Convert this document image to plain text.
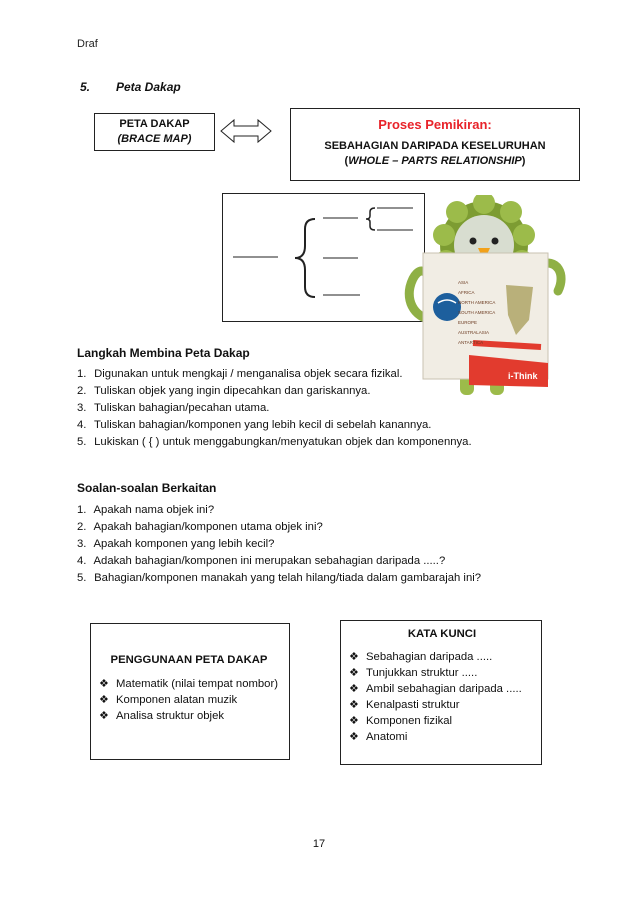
Draf
5. Peta Dakap
PETA DAKAP
(BRACE MAP)
Proses Pemikiran:
SEBAHAGIAN DARIPADA KESELURUHAN
(WHOLE – PARTS RELATIONSHIP)
i-Think
ASIA
AFRICA
NORTH AMERICA
SOUTH AMERICA
EUROPE
AUSTRALASIA
ANTARTICA
Langkah Membina Peta Dakap
1. Digunakan untuk mengkaji / menganalisa objek secara fizikal.
2. Tuliskan objek yang ingin dipecahkan dan gariskannya.
3. Tuliskan bahagian/pecahan utama.
4. Tuliskan bahagian/komponen yang lebih kecil di sebelah kanannya.
5. Lukiskan ( { ) untuk menggabungkan/menyatukan objek dan komponennya.
Soalan-soalan Berkaitan
1. Apakah nama objek ini?
2. Apakah bahagian/komponen utama objek ini?
3. Apakah komponen yang lebih kecil?
4. Adakah bahagian/komponen ini merupakan sebahagian daripada .....?
5. Bahagian/komponen manakah yang telah hilang/tiada dalam gambarajah ini?
PENGGUNAAN PETA DAKAP
❖ Matematik (nilai tempat nombor)
❖ Komponen alatan muzik
❖ Analisa struktur objek
KATA KUNCI
❖ Sebahagian daripada .....
❖ Tunjukkan struktur .....
❖ Ambil sebahagian daripada .....
❖ Kenalpasti struktur
❖ Komponen fizikal
❖ Anatomi
17
